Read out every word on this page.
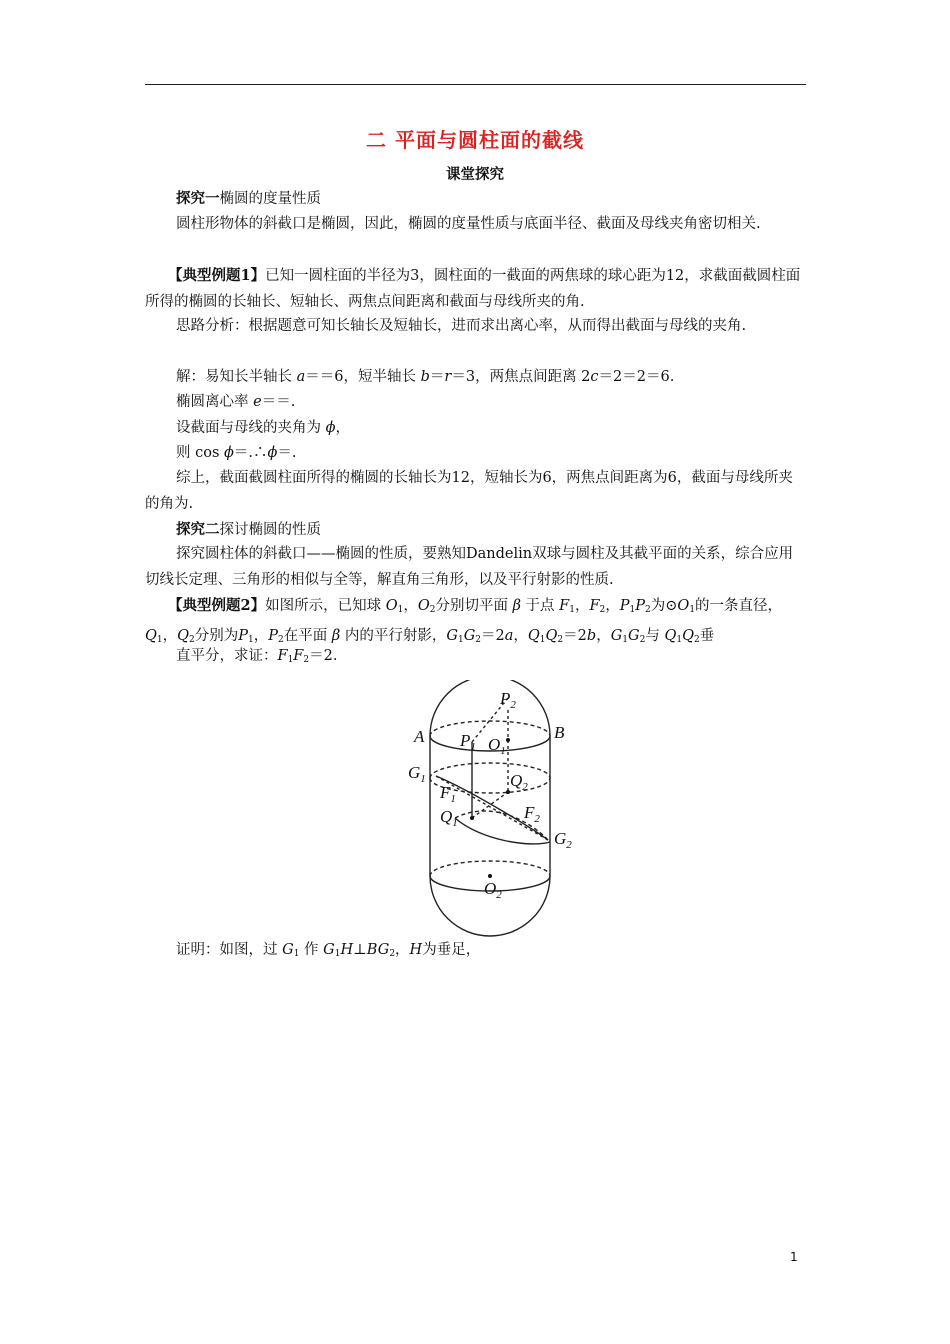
二 平面与圆柱面的截线
课堂探究

探究一椭圆的度量性质

圆柱形物体的斜截口是椭圆，因此，椭圆的度量性质与底面半径、截面及母线夹角密切相关.

【典型例题1】已知一圆柱面的半径为3，圆柱面的一截面的两焦球的球心距为12，求截面截圆柱面所得的椭圆的长轴长、短轴长、两焦点间距离和截面与母线所夹的角.

思路分析：根据题意可知长轴长及短轴长，进而求出离心率，从而得出截面与母线的夹角.

解：易知长半轴长 a＝＝6，短半轴长 b＝r＝3，两焦点间距离 2c＝2＝2＝6.

椭圆离心率 e＝＝.

设截面与母线的夹角为 ϕ，

则 cos ϕ＝.∴ϕ＝.

综上，截面截圆柱面所得的椭圆的长轴长为12，短轴长为6，两焦点间距离为6，截面与母线所夹的角为.

探究二探讨椭圆的性质

探究圆柱体的斜截口——椭圆的性质，要熟知Dandelin双球与圆柱及其截平面的关系，综合应用切线长定理、三角形的相似与全等，解直角三角形，以及平行射影的性质.

【典型例题2】如图所示，已知球 $O_1$，$O_2$分别切平面 β 于点 $F_1$，$F_2$，$P_1P_2$为$⊙O_1$的一条直径，$Q_1$，$Q_2$分别为$P_1$，$P_2$在平面 β 内的平行射影，$G_1G_2=2a$，$Q_1Q_2=2b$，$G_1G_2$与 $Q_1Q_2$垂

直平分，求证：$F_1F_2=2$.

$P_2$
A	B
$P_1$ $O_1$
$G_1$	$Q_2$
$F_1$
$Q_1$
$F_2$
$G_2$
$O_2$

证明：如图，过 $G_1$ 作 $G_1H\perp BG_2$，H为垂足，

1
